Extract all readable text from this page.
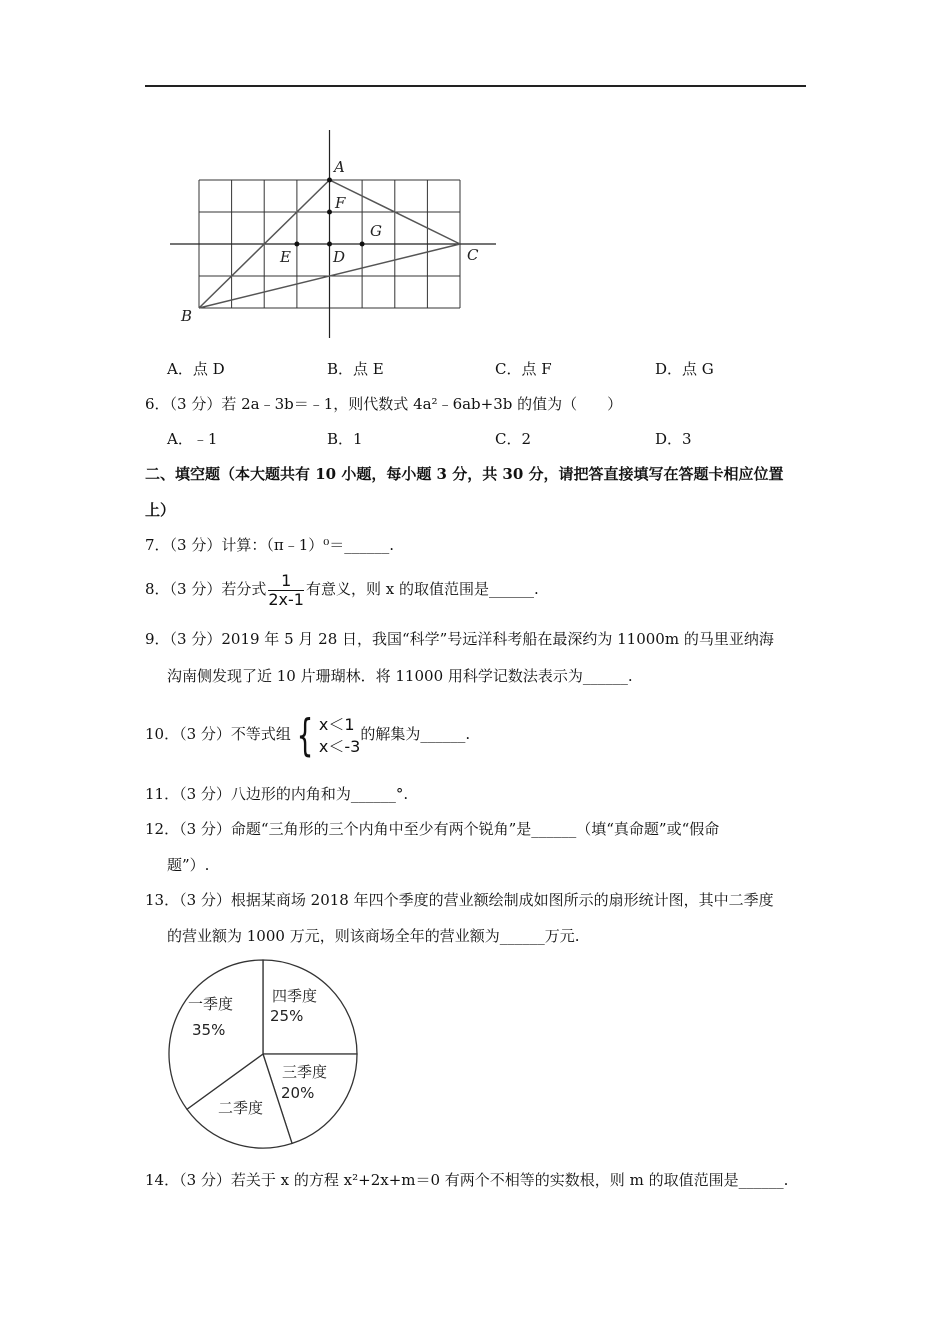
A
F
G
E	D	C
B
A．点 D	B．点 E	C．点 F	D．点 G
6．（3 分）若 2a﹣3b＝﹣1，则代数式 4a²﹣6ab+3b 的值为（　　）
A．﹣1	B．1	C．2	D．3
二、填空题（本大题共有 10 小题，每小题 3 分，共 30 分，请把答直接填写在答题卡相应位置
上）
7．（3 分）计算：（π﹣1）⁰＝______.
8．（3 分）若分式 $\frac{1}{2x-1}$ 有意义，则 x 的取值范围是______.
9．（3 分）2019 年 5 月 28 日，我国“科学”号远洋科考船在最深约为 11000m 的马里亚纳海
沟南侧发现了近 10 片珊瑚林．将 11000 用科学记数法表示为______.
10．（3 分）不等式组 { x＜1
x＜-3
的解集为______.
11．（3 分）八边形的内角和为______°.
12．（3 分）命题“三角形的三个内角中至少有两个锐角”是______（填“真命题”或“假命
题”）.
13．（3 分）根据某商场 2018 年四个季度的营业额绘制成如图所示的扇形统计图，其中二季度
的营业额为 1000 万元，则该商场全年的营业额为______万元.
一季度
35%
四季度
25%
三季度
20%
二季度
14．（3 分）若关于 x 的方程 x²+2x+m＝0 有两个不相等的实数根，则 m 的取值范围是______.
